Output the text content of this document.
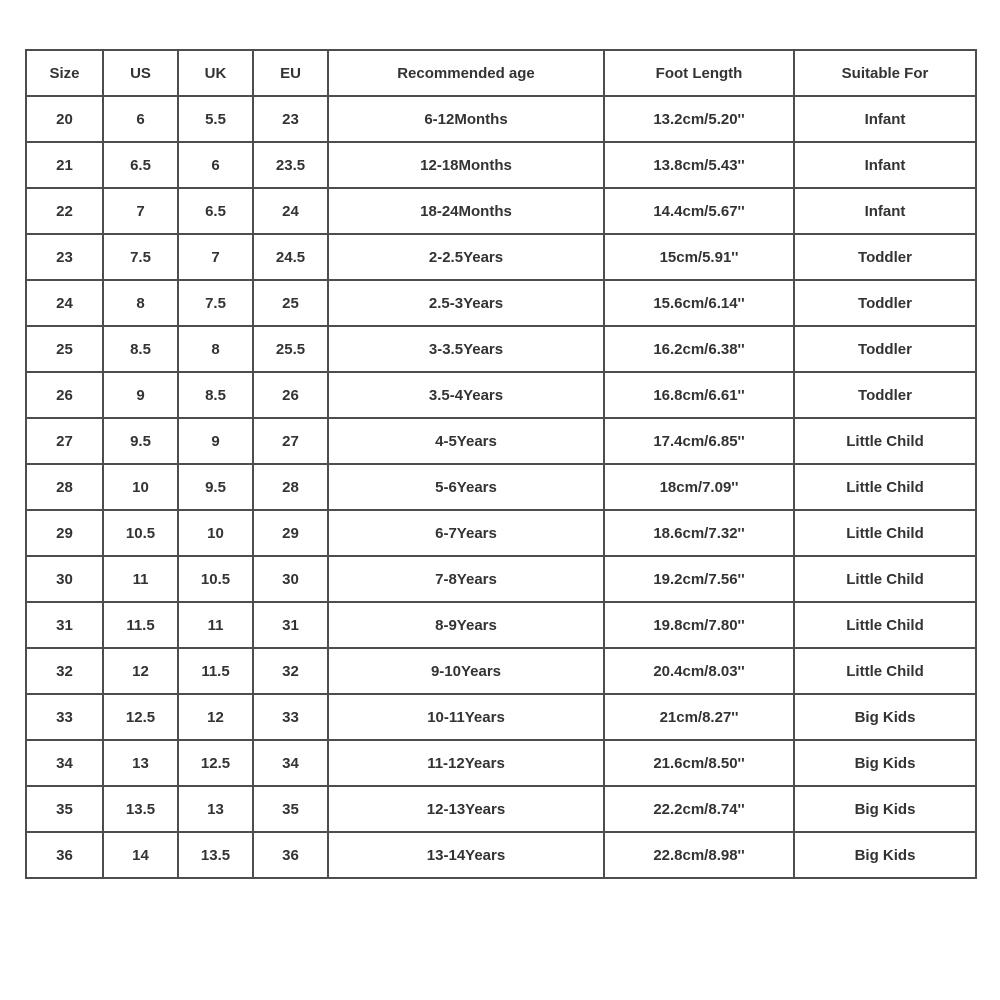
Size	US	UK	EU	Recommended age	Foot Length	Suitable For
20	6	5.5	23	6-12Months	13.2cm/5.20''	Infant
21	6.5	6	23.5	12-18Months	13.8cm/5.43''	Infant
22	7	6.5	24	18-24Months	14.4cm/5.67''	Infant
23	7.5	7	24.5	2-2.5Years	15cm/5.91''	Toddler
24	8	7.5	25	2.5-3Years	15.6cm/6.14''	Toddler
25	8.5	8	25.5	3-3.5Years	16.2cm/6.38''	Toddler
26	9	8.5	26	3.5-4Years	16.8cm/6.61''	Toddler
27	9.5	9	27	4-5Years	17.4cm/6.85''	Little Child
28	10	9.5	28	5-6Years	18cm/7.09''	Little Child
29	10.5	10	29	6-7Years	18.6cm/7.32''	Little Child
30	11	10.5	30	7-8Years	19.2cm/7.56''	Little Child
31	11.5	11	31	8-9Years	19.8cm/7.80''	Little Child
32	12	11.5	32	9-10Years	20.4cm/8.03''	Little Child
33	12.5	12	33	10-11Years	21cm/8.27''	Big Kids
34	13	12.5	34	11-12Years	21.6cm/8.50''	Big Kids
35	13.5	13	35	12-13Years	22.2cm/8.74''	Big Kids
36	14	13.5	36	13-14Years	22.8cm/8.98''	Big Kids
